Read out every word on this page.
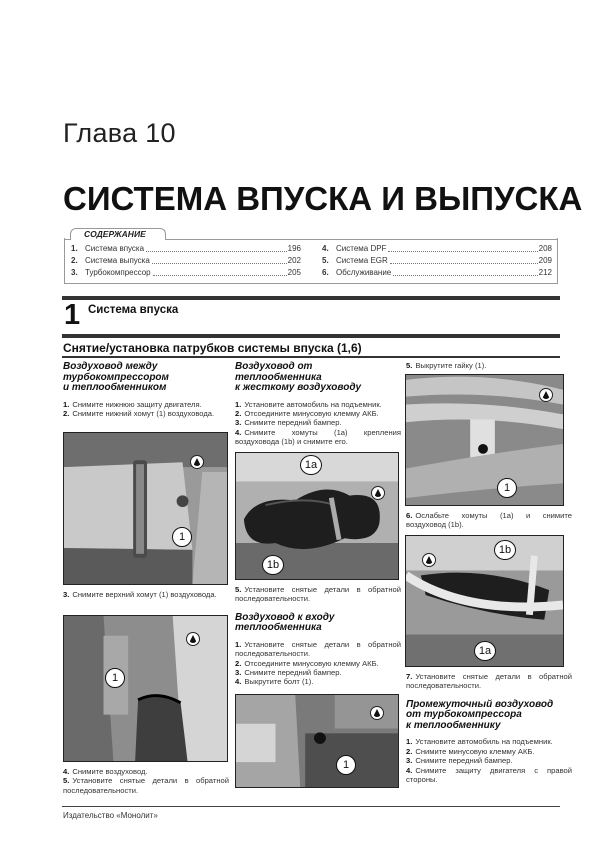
Глава 10
СИСТЕМА ВПУСКА И ВЫПУСКА
СОДЕРЖАНИЕ
1. Система впуска	196
2. Система выпуска	202
3. Турбокомпрессор	205
4. Система DPF	208
5. Система EGR	209
6. Обслуживание	212
1 Система впуска
Снятие/установка патрубков системы впуска (1,6)
Воздуховод между
турбокомпрессором
и теплообменником
1. Снимите нижнюю защиту двигателя.
2. Снимите нижний хомут (1) воздуховода.
1
3. Снимите верхний хомут (1) воздуховода.
1
4. Снимите воздуховод.
5. Установите снятые детали в обратной последовательности.
Воздуховод от теплообменника
к жесткому воздуховоду
1. Установите автомобиль на подъемник.
2. Отсоедините минусовую клемму АКБ.
3. Снимите передний бампер.
4. Снимите хомуты (1a) крепления воздуховода (1b) и снимите его.
1a
1b
5. Установите снятые детали в обратной последовательности.
Воздуховод к входу
теплообменника
1. Установите снятые детали в обратной последовательности.
2. Отсоедините минусовую клемму АКБ.
3. Снимите передний бампер.
4. Выкрутите болт (1).
1
5. Выкрутите гайку (1).
1
6. Ослабьте хомуты (1a) и снимите воздуховод (1b).
1b
1a
7. Установите снятые детали в обратной последовательности.
Промежуточный воздуховод
от турбокомпрессора
к теплообменнику
1. Установите автомобиль на подъемник.
2. Снимите минусовую клемму АКБ.
3. Снимите передний бампер.
4. Снимите защиту двигателя с правой стороны.
Издательство «Монолит»
